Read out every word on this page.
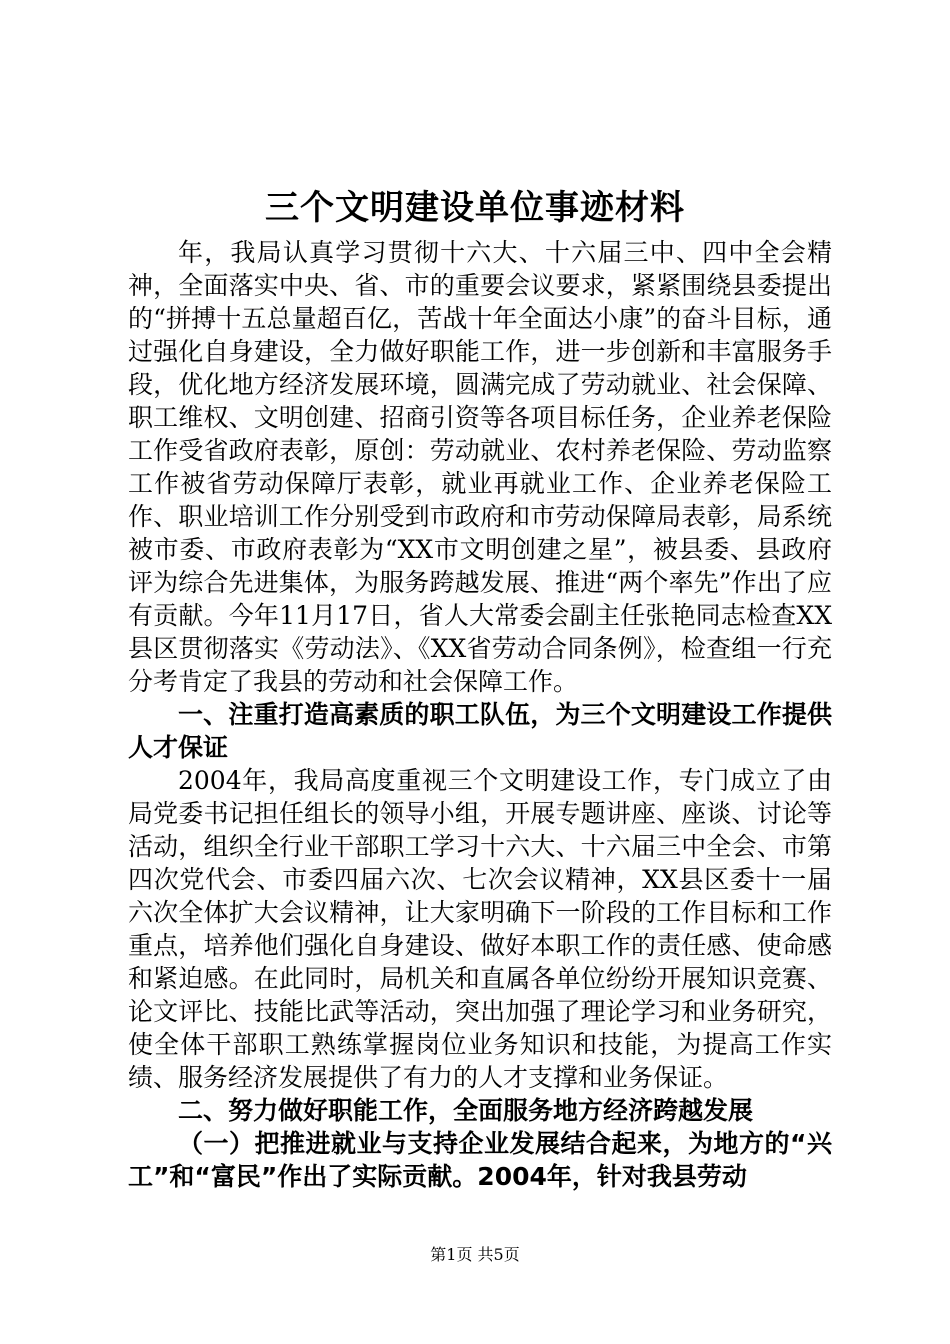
三个文明建设单位事迹材料

年，我局认真学习贯彻十六大、十六届三中、四中全会精神，全面落实中央、省、市的重要会议要求，紧紧围绕县委提出的“拼搏十五总量超百亿，苦战十年全面达小康”的奋斗目标，通过强化自身建设，全力做好职能工作，进一步创新和丰富服务手段，优化地方经济发展环境，圆满完成了劳动就业、社会保障、职工维权、文明创建、招商引资等各项目标任务，企业养老保险工作受省政府表彰，原创：劳动就业、农村养老保险、劳动监察工作被省劳动保障厅表彰，就业再就业工作、企业养老保险工作、职业培训工作分别受到市政府和市劳动保障局表彰，局系统被市委、市政府表彰为“XX市文明创建之星”，被县委、县政府评为综合先进集体，为服务跨越发展、推进“两个率先”作出了应有贡献。今年11月17日，省人大常委会副主任张艳同志检查XX县区贯彻落实《劳动法》、《XX省劳动合同条例》，检查组一行充分考肯定了我县的劳动和社会保障工作。

一、注重打造高素质的职工队伍，为三个文明建设工作提供人才保证

2004年，我局高度重视三个文明建设工作，专门成立了由局党委书记担任组长的领导小组，开展专题讲座、座谈、讨论等活动，组织全行业干部职工学习十六大、十六届三中全会、市第四次党代会、市委四届六次、七次会议精神，XX县区委十一届六次全体扩大会议精神，让大家明确下一阶段的工作目标和工作重点，培养他们强化自身建设、做好本职工作的责任感、使命感和紧迫感。在此同时，局机关和直属各单位纷纷开展知识竞赛、论文评比、技能比武等活动，突出加强了理论学习和业务研究，使全体干部职工熟练掌握岗位业务知识和技能，为提高工作实绩、服务经济发展提供了有力的人才支撑和业务保证。

二、努力做好职能工作，全面服务地方经济跨越发展

（一）把推进就业与支持企业发展结合起来，为地方的“兴工”和“富民”作出了实际贡献。2004年，针对我县劳动

第1页 共5页
